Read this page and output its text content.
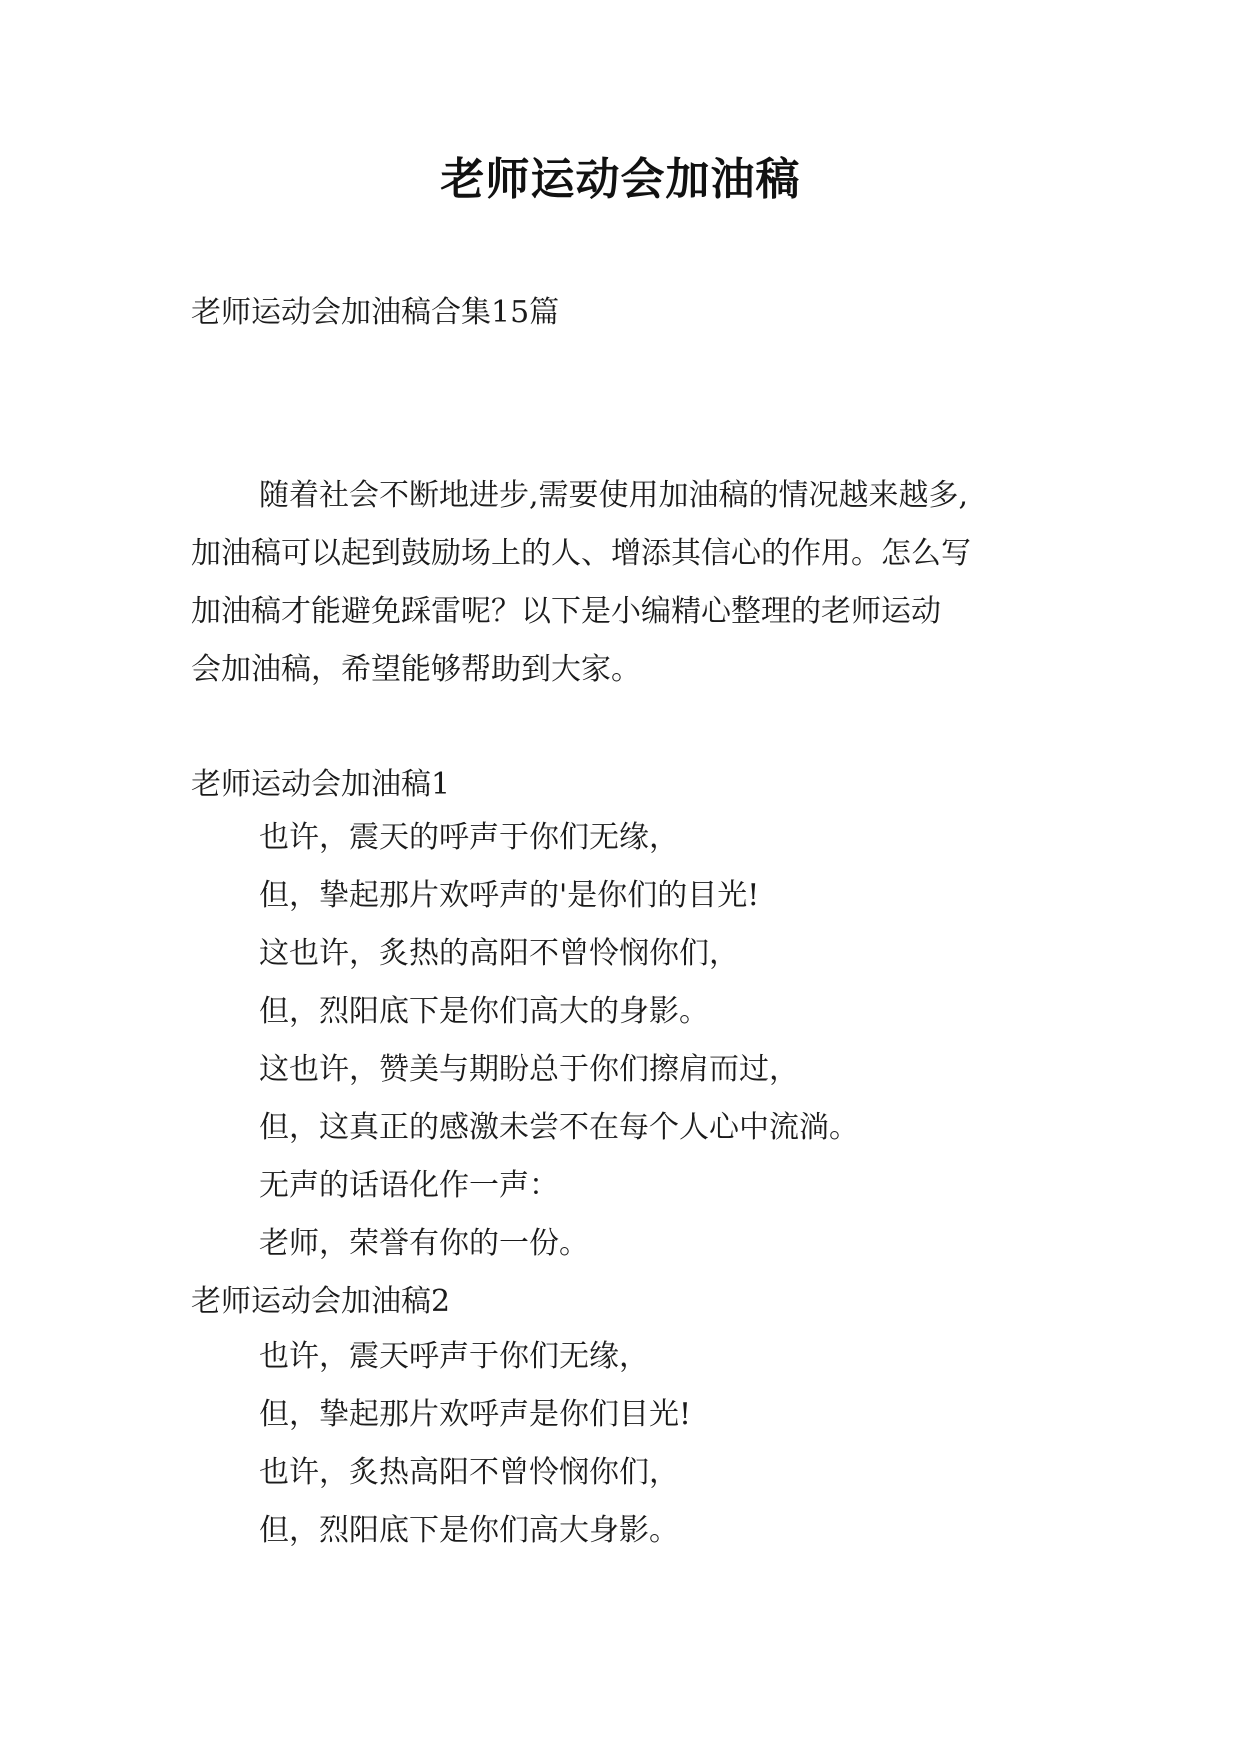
老师运动会加油稿
老师运动会加油稿合集15篇
随着社会不断地进步,需要使用加油稿的情况越来越多,
加油稿可以起到鼓励场上的人、增添其信心的作用。怎么写
加油稿才能避免踩雷呢？以下是小编精心整理的老师运动
会加油稿，希望能够帮助到大家。
老师运动会加油稿1
也许，震天的呼声于你们无缘，
但，挚起那片欢呼声的'是你们的目光!
这也许，炙热的高阳不曾怜悯你们，
但，烈阳底下是你们高大的身影。
这也许，赞美与期盼总于你们擦肩而过，
但，这真正的感激未尝不在每个人心中流淌。
无声的话语化作一声：
老师，荣誉有你的一份。
老师运动会加油稿2
也许，震天呼声于你们无缘，
但，挚起那片欢呼声是你们目光!
也许，炙热高阳不曾怜悯你们，
但，烈阳底下是你们高大身影。
